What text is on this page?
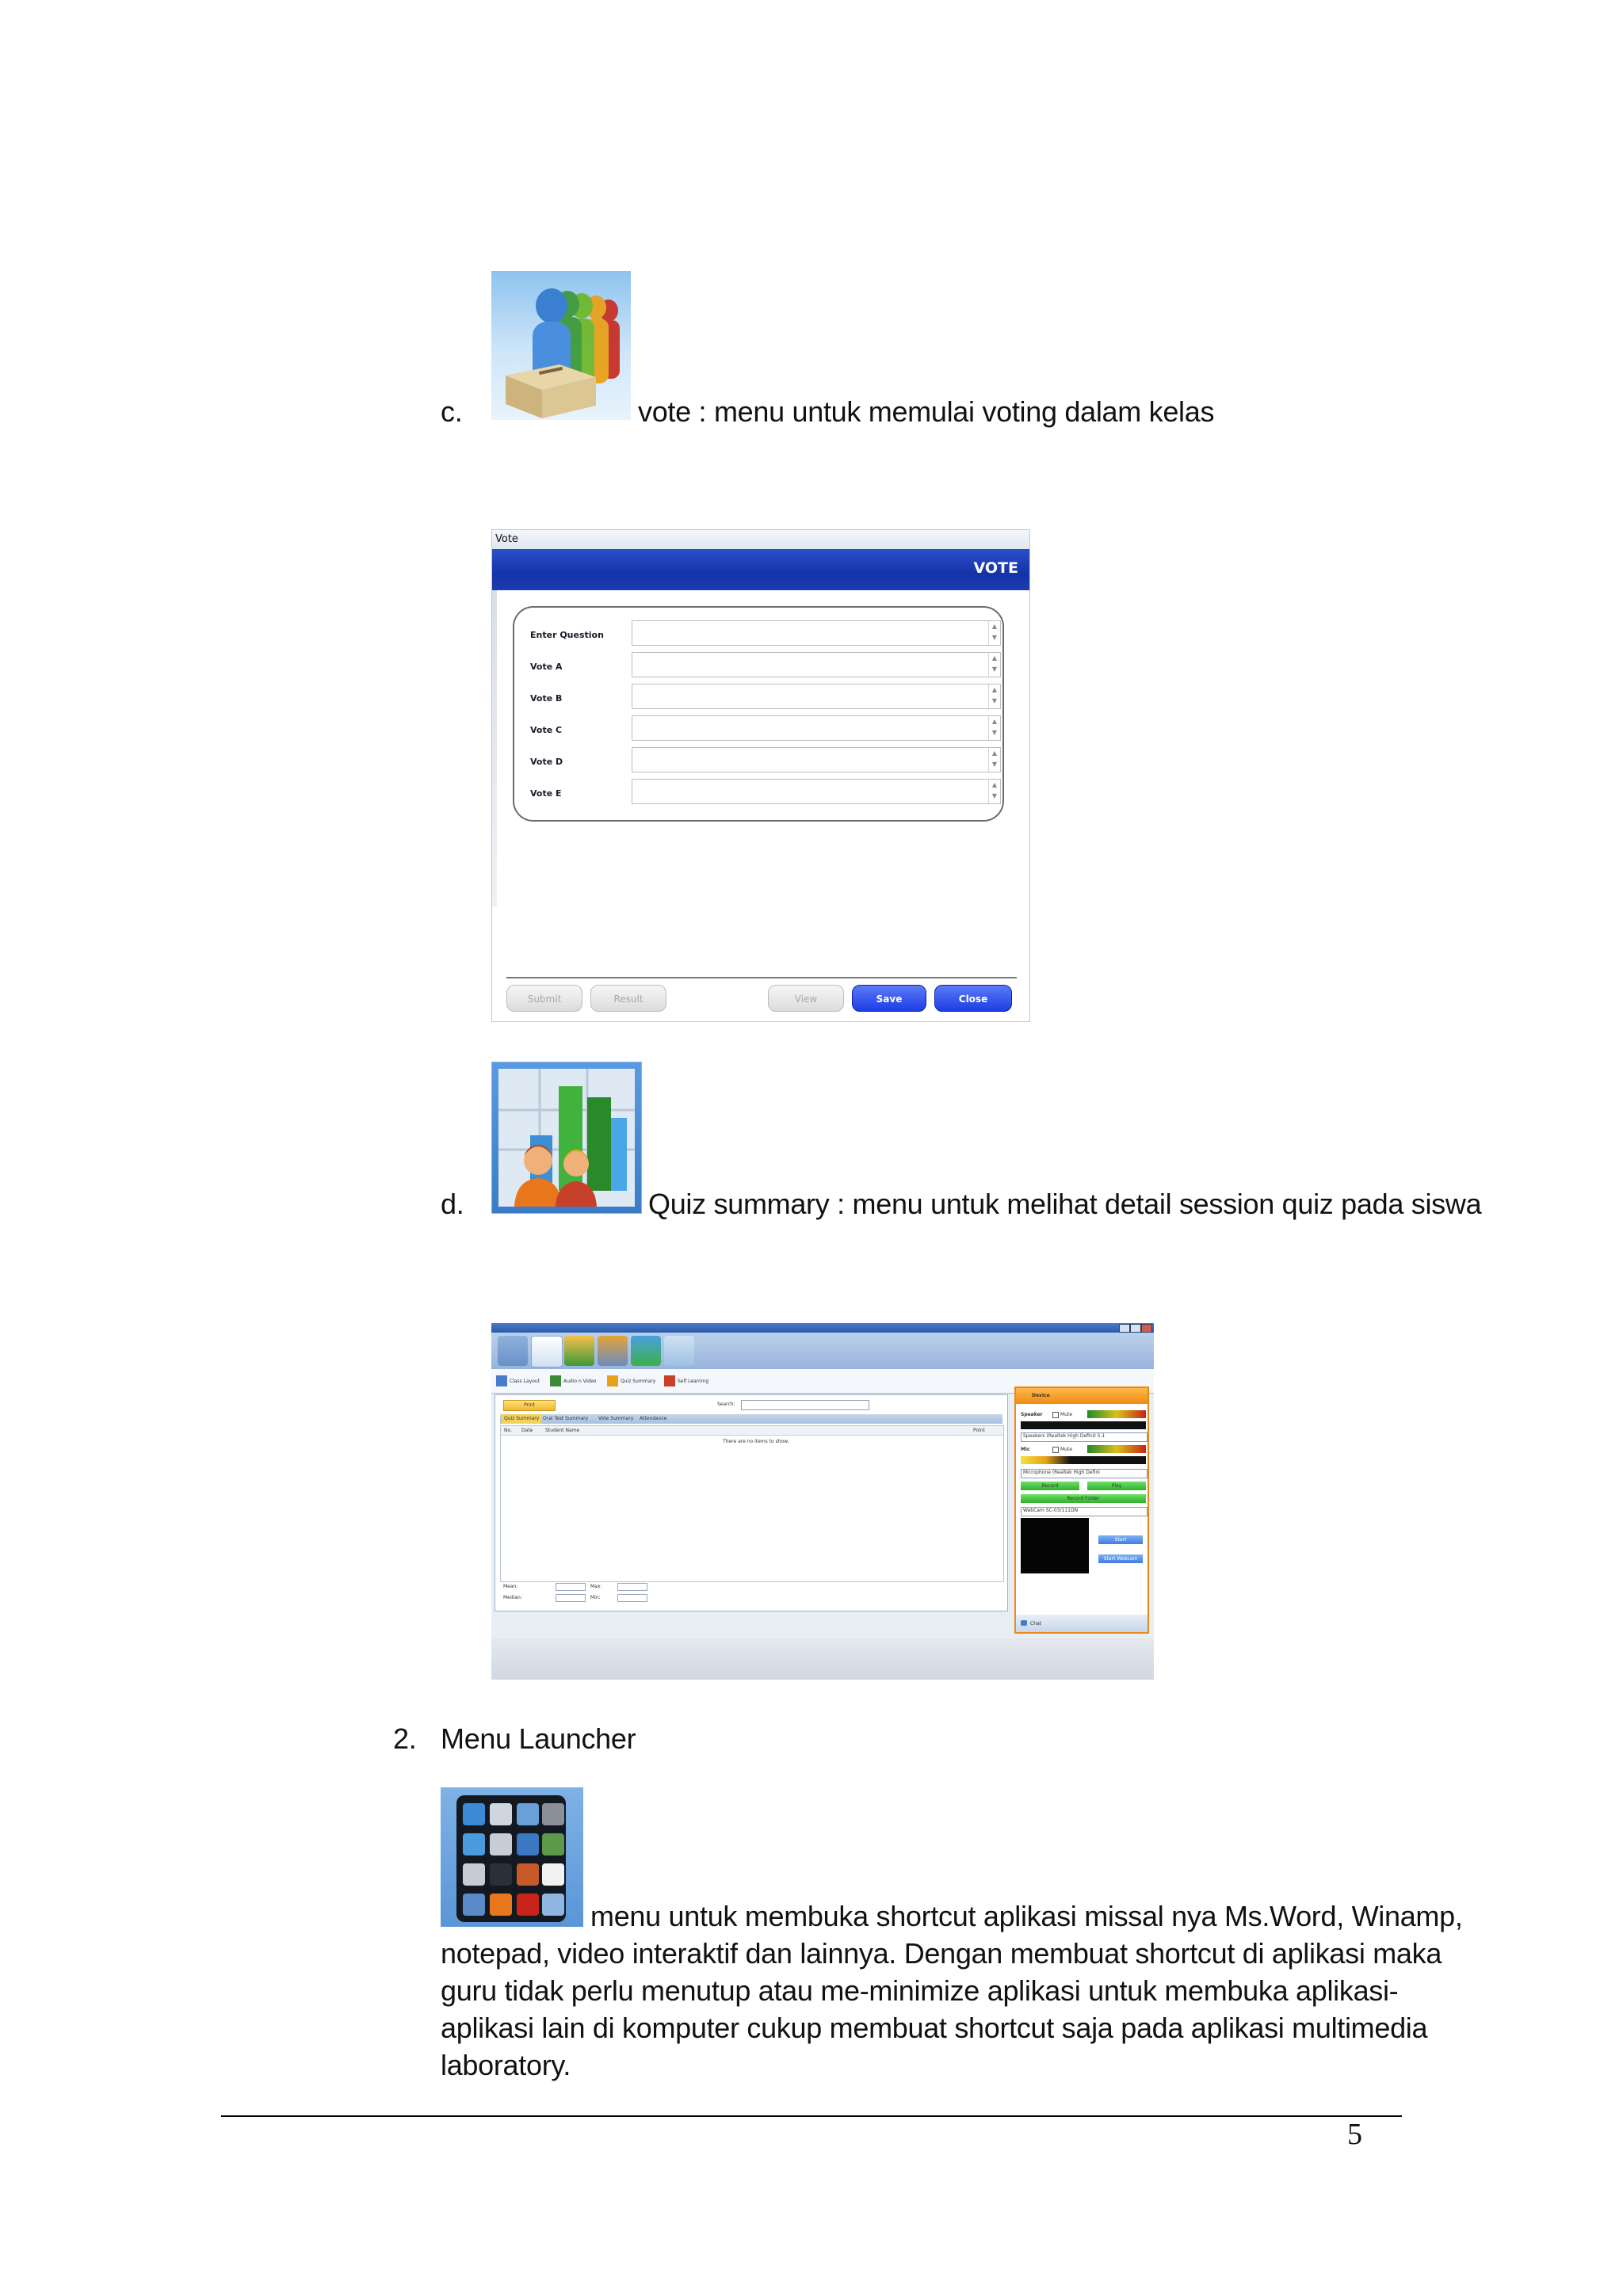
c.	vote : menu untuk memulai voting dalam kelas
Vote
VOTE
Enter Question
▲
▼
Vote A
▲
▼
Vote B
▲
▼
Vote C
▲
▼
Vote D
▲
▼
Vote E
▲
▼
Submit	Result	View	Save	Close
d.	Quiz summary : menu untuk melihat detail session quiz pada siswa
Class Layout	Audio n Video	Quiz Summary	Self Learning
Print	Search:
Quiz Summary Oral Test Summary Vote Summary Attendance
No. Date	Student Name	Point
There are no items to show.
Mean:	Max:
Median:	Min:
Device
Speaker	Mute
Speakers (Realtek High Definit 5.1
Mic	Mute
Microphone (Realtek High Defini
Record	Play
Record Folder
WebCam SC-03/111DN
Start
Start Webcam
Chat
2. Menu Launcher
menu untuk membuka shortcut aplikasi missal nya Ms.Word, Winamp,
notepad, video interaktif dan lainnya. Dengan membuat shortcut di aplikasi maka
guru tidak perlu menutup atau me-minimize aplikasi untuk membuka aplikasi-
aplikasi lain di komputer cukup membuat shortcut saja pada aplikasi multimedia
laboratory.
5
